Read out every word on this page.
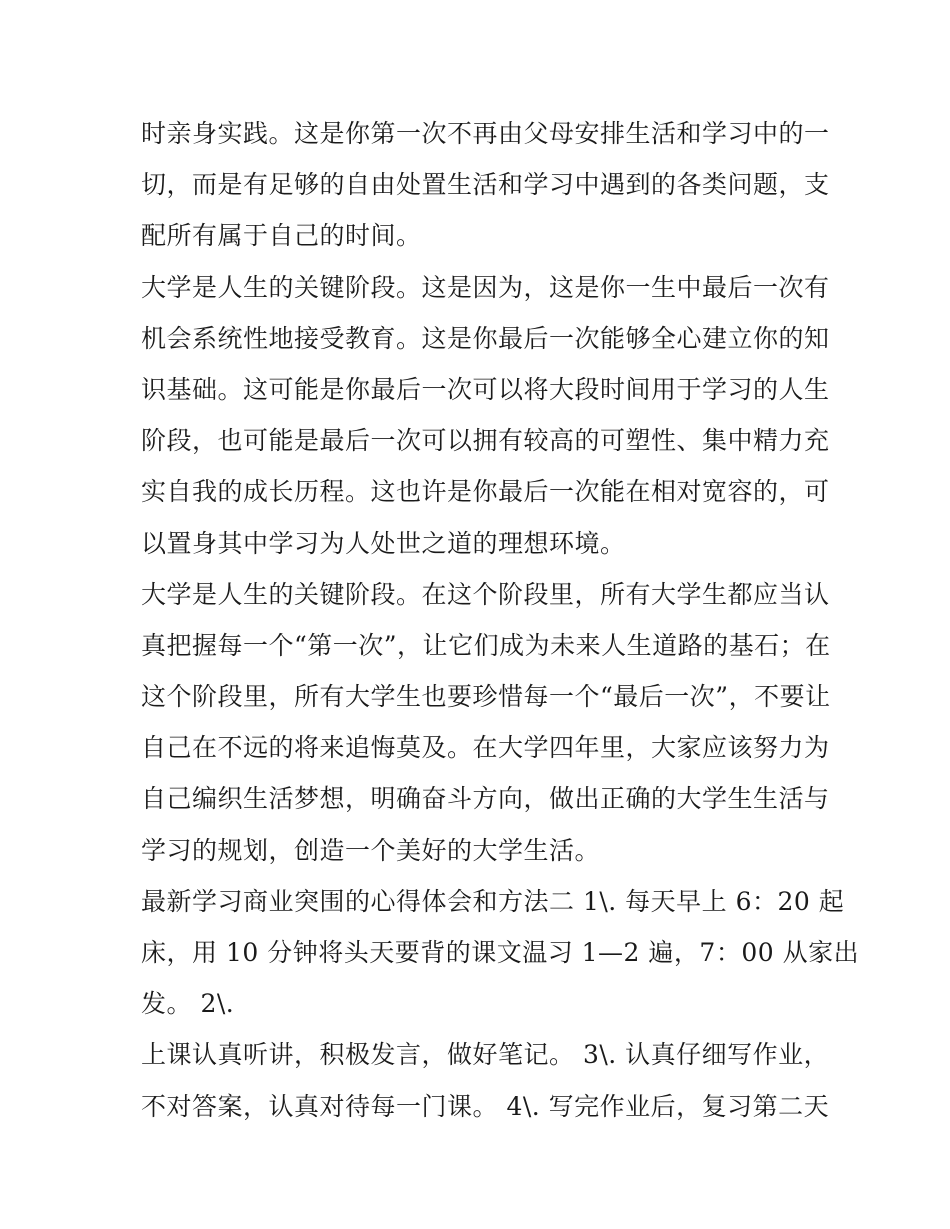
时亲身实践。这是你第一次不再由父母安排生活和学习中的一
切，而是有足够的自由处置生活和学习中遇到的各类问题，支
配所有属于自己的时间。
大学是人生的关键阶段。这是因为，这是你一生中最后一次有
机会系统性地接受教育。这是你最后一次能够全心建立你的知
识基础。这可能是你最后一次可以将大段时间用于学习的人生
阶段，也可能是最后一次可以拥有较高的可塑性、集中精力充
实自我的成长历程。这也许是你最后一次能在相对宽容的，可
以置身其中学习为人处世之道的理想环境。
大学是人生的关键阶段。在这个阶段里，所有大学生都应当认
真把握每一个“第一次”，让它们成为未来人生道路的基石；在
这个阶段里，所有大学生也要珍惜每一个“最后一次”，不要让
自己在不远的将来追悔莫及。在大学四年里，大家应该努力为
自己编织生活梦想，明确奋斗方向，做出正确的大学生生活与
学习的规划，创造一个美好的大学生活。
最新学习商业突围的心得体会和方法二 1\. 每天早上 6：20 起
床，用 10 分钟将头天要背的课文温习 1—2 遍，7：00 从家出
发。 2\.
上课认真听讲，积极发言，做好笔记。 3\. 认真仔细写作业，
不对答案，认真对待每一门课。 4\. 写完作业后，复习第二天
